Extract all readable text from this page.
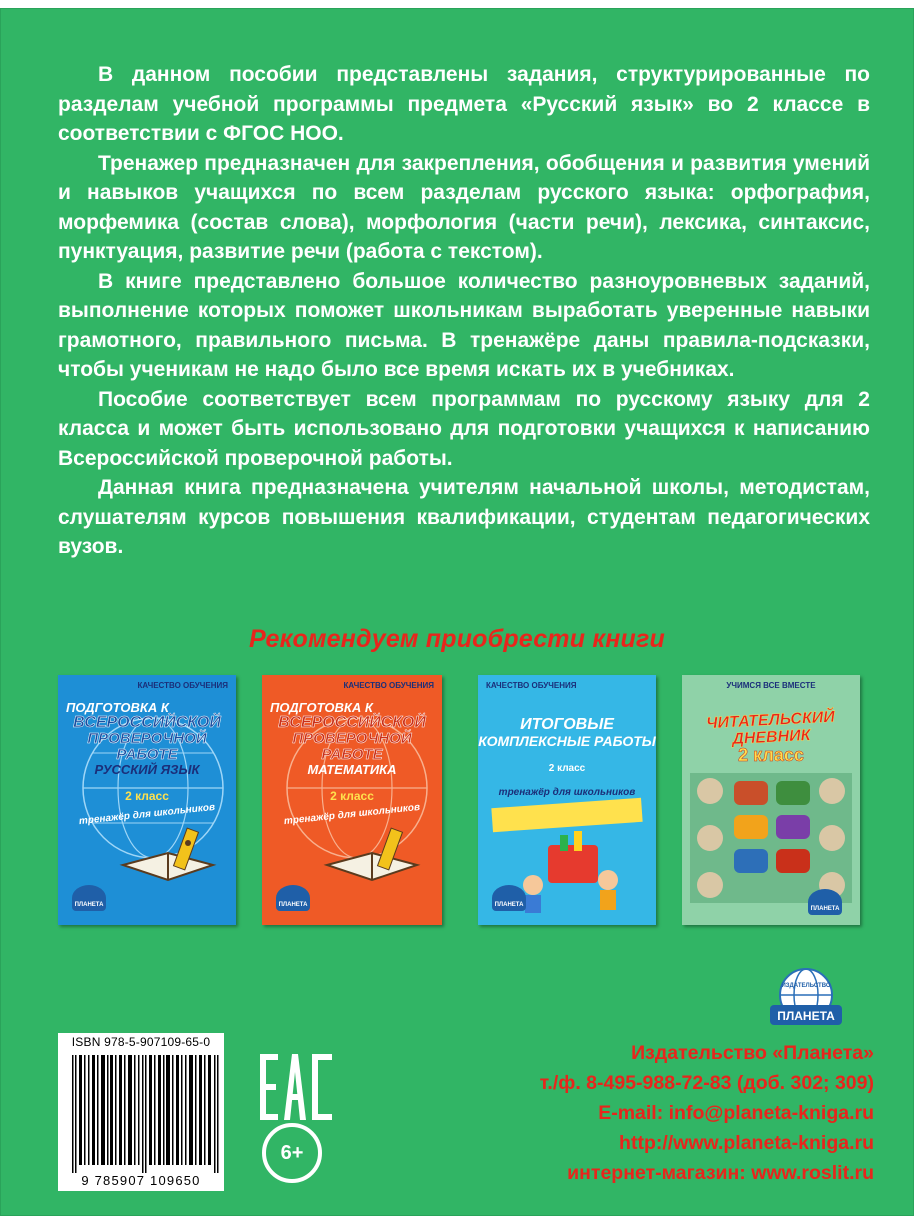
В данном пособии представлены задания, структурированные по разделам учебной программы предмета «Русский язык» во 2 классе в соответствии с ФГОС НОО.

Тренажер предназначен для закрепления, обобщения и развития умений и навыков учащихся по всем разделам русского языка: орфография, морфемика (состав слова), морфология (части речи), лексика, синтаксис, пунктуация, развитие речи (работа с текстом).

В книге представлено большое количество разноуровневых заданий, выполнение которых поможет школьникам выработать уверенные навыки грамотного, правильного письма. В тренажёре даны правила-подсказки, чтобы ученикам не надо было все время искать их в учебниках.

Пособие соответствует всем программам по русскому языку для 2 класса и может быть использовано для подготовки учащихся к написанию Всероссийской проверочной работы.

Данная книга предназначена учителям начальной школы, методистам, слушателям курсов повышения квалификации, студентам педагогических вузов.

Рекомендуем приобрести книги
КАЧЕСТВО ОБУЧЕНИЯ
ПОДГОТОВКА К
ВСЕРОССИЙСКОЙ
ПРОВЕРОЧНОЙ РАБОТЕ
РУССКИЙ ЯЗЫК
2 класс
тренажёр для школьников
ПЛАНЕТА
КАЧЕСТВО ОБУЧЕНИЯ
ПОДГОТОВКА К
ВСЕРОССИЙСКОЙ
ПРОВЕРОЧНОЙ РАБОТЕ
МАТЕМАТИКА
2 класс
тренажёр для школьников
ПЛАНЕТА
КАЧЕСТВО ОБУЧЕНИЯ
ИТОГОВЫЕ
КОМПЛЕКСНЫЕ РАБОТЫ
2 класс
тренажёр для школьников
ПЛАНЕТА
УЧИМСЯ ВСЕ ВМЕСТЕ
ЧИТАТЕЛЬСКИЙ ДНЕВНИК
2 класс
ПЛАНЕТА
ИЗДАТЕЛЬСТВО
ПЛАНЕТА
ISBN 978-5-907109-65-0
9 785907 109650
6+
Издательство «Планета»
т./ф. 8-495-988-72-83 (доб. 302; 309)
E-mail: info@planeta-kniga.ru
http://www.planeta-kniga.ru
интернет-магазин: www.roslit.ru
